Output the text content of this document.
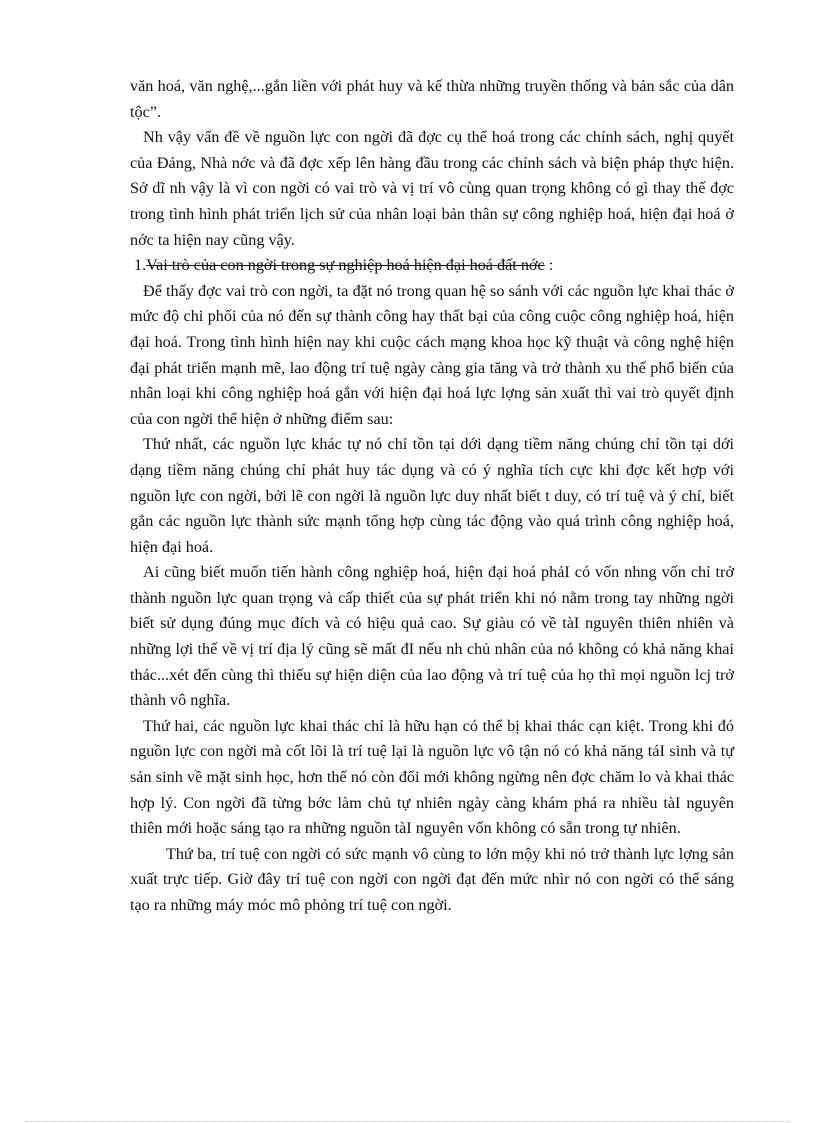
văn hoá, văn nghệ,...gắn liền với phát huy và kế thừa những truyền thống và bản sắc của dân tộc”.

Nh vậy vấn đề về nguồn lực con ngời đã đợc cụ thể hoá trong các chính sách, nghị quyết của Đảng, Nhà nớc và đã đợc xếp lên hàng đầu trong các chính sách và biện pháp thực hiện. Sở dĩ nh vậy là vì con ngời có vai trò và vị trí vô cùng quan trọng không có gì thay thế đợc trong tình hình phát triển lịch sử của nhân loại bản thân sự công nghiệp hoá, hiện đại hoá ở nớc ta hiện nay cũng vậy.

1.Vai trò của con ngời trong sự nghiệp hoá hiện đại hoá đất nớc :

Để thấy đợc vai trò con ngời, ta đặt nó trong quan hệ so sánh với các nguồn lực khai thác ở mức độ chi phối của nó đến sự thành công hay thất bại của công cuộc công nghiệp hoá, hiện đại hoá. Trong tình hình hiện nay khi cuộc cách mạng khoa học kỹ thuật và công nghệ hiện đại phát triển mạnh mẽ, lao động trí tuệ ngày càng gia tăng và trở thành xu thế phổ biến của nhân loại khi công nghiệp hoá gắn với hiện đại hoá lực lợng sản xuất thì vai trò quyết định của con ngời thể hiện ở những điểm sau:

Thứ nhất, các nguồn lực khác tự nó chỉ tồn tại dới dạng tiềm năng chúng chỉ tồn tại dới dạng tiềm năng chúng chỉ phát huy tác dụng và có ý nghĩa tích cực khi đợc kết hợp với nguồn lực con ngời, bởi lẽ con ngời là nguồn lực duy nhất biết t duy, có trí tuệ và ý chí, biết gắn các nguồn lực thành sức mạnh tổng hợp cùng tác động vào quá trình công nghiệp hoá, hiện đại hoá.

Ai cũng biết muốn tiến hành công nghiệp hoá, hiện đại hoá phảI có vốn nhng vốn chỉ trở thành nguồn lực quan trọng và cấp thiết của sự phát triển khi nó nằm trong tay những ngời biết sử dụng đúng mục đích và có hiệu quả cao. Sự giàu có về tàI nguyên thiên nhiên và những lợi thế về vị trí địa lý cũng sẽ mất đI nếu nh chủ nhân của nó không có khả năng khai thác...xét đến cùng thì thiếu sự hiện diện của lao động và trí tuệ của họ thì mọi nguồn lcj trở thành vô nghĩa.

Thứ hai, các nguồn lực khai thác chỉ là hữu hạn có thể bị khai thác cạn kiệt. Trong khi đó nguồn lực con ngời mà cốt lõi là trí tuệ lại là nguồn lực vô tận nó có khả năng táI sinh và tự sản sinh về mặt sinh học, hơn thế nó còn đổi mới không ngừng nên đợc chăm lo và khai thác hợp lý. Con ngời đã từng bớc làm chủ tự nhiên ngày càng khám phá ra nhiều tàI nguyên thiên mới hoặc sáng tạo ra những nguồn tàI nguyên vốn không có sẵn trong tự nhiên.

Thứ ba, trí tuệ con ngời có sức mạnh vô cùng to lớn mộy khi nó trở thành lực lợng sản xuất trực tiếp. Giờ đây trí tuệ con ngời con ngời đạt đến mức nhìr nó con ngời có thể sáng tạo ra những máy móc mô phỏng trí tuệ con ngời.
